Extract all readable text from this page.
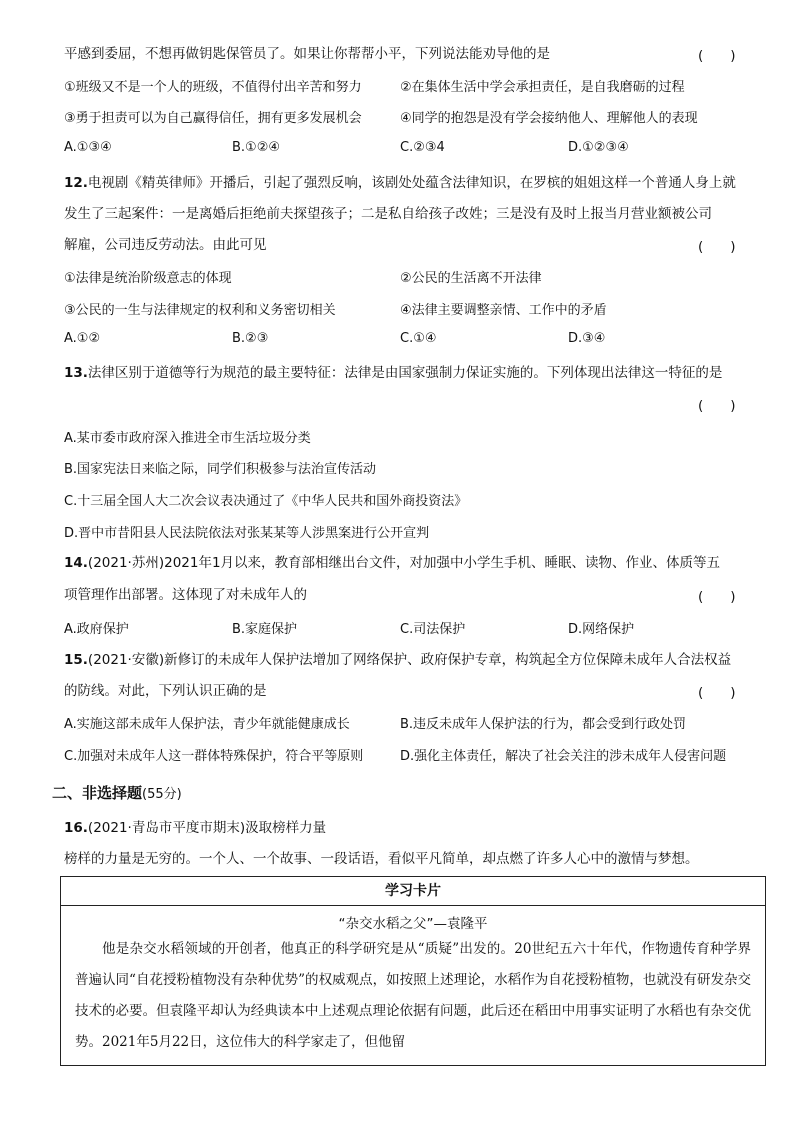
平感到委屈，不想再做钥匙保管员了。如果让你帮帮小平，下列说法能劝导他的是	(　　)
①班级又不是一个人的班级，不值得付出辛苦和努力	②在集体生活中学会承担责任，是自我磨砺的过程
③勇于担责可以为自己赢得信任，拥有更多发展机会	④同学的抱怨是没有学会接纳他人、理解他人的表现
A.①③④	B.①②④	C.②③4	D.①②③④
12.电视剧《精英律师》开播后，引起了强烈反响，该剧处处蕴含法律知识，在罗槟的姐姐这样一个普通人身上就
发生了三起案件：一是离婚后拒绝前夫探望孩子；二是私自给孩子改姓；三是没有及时上报当月营业额被公司
解雇，公司违反劳动法。由此可见	(　　)
①法律是统治阶级意志的体现	②公民的生活离不开法律
③公民的一生与法律规定的权利和义务密切相关	④法律主要调整亲情、工作中的矛盾
A.①②	B.②③	C.①④	D.③④
13.法律区别于道德等行为规范的最主要特征：法律是由国家强制力保证实施的。下列体现出法律这一特征的是
(　　)
A.某市委市政府深入推进全市生活垃圾分类
B.国家宪法日来临之际，同学们积极参与法治宣传活动
C.十三届全国人大二次会议表决通过了《中华人民共和国外商投资法》
D.晋中市昔阳县人民法院依法对张某某等人涉黑案进行公开宣判
14.(2021·苏州)2021年1月以来，教育部相继出台文件，对加强中小学生手机、睡眠、读物、作业、体质等五
项管理作出部署。这体现了对未成年人的	(　　)
A.政府保护	B.家庭保护	C.司法保护	D.网络保护
15.(2021·安徽)新修订的未成年人保护法增加了网络保护、政府保护专章，构筑起全方位保障未成年人合法权益
的防线。对此，下列认识正确的是	(　　)
A.实施这部未成年人保护法，青少年就能健康成长	B.违反未成年人保护法的行为，都会受到行政处罚
C.加强对未成年人这一群体特殊保护，符合平等原则	D.强化主体责任，解决了社会关注的涉未成年人侵害问题
二、非选择题(55分)
16.(2021·青岛市平度市期末)汲取榜样力量
榜样的力量是无穷的。一个人、一个故事、一段话语，看似平凡简单，却点燃了许多人心中的激情与梦想。
学习卡片
“杂交水稻之父”—袁隆平
他是杂交水稻领域的开创者，他真正的科学研究是从“质疑”出发的。20世纪五六十年代，作物遗传育种学界普遍认同“自花授粉植物没有杂种优势”的权威观点，如按照上述理论，水稻作为自花授粉植物，也就没有研发杂交技术的必要。但袁隆平却认为经典读本中上述观点理论依据有问题，此后还在稻田中用事实证明了水稻也有杂交优势。2021年5月22日，这位伟大的科学家走了，但他留
